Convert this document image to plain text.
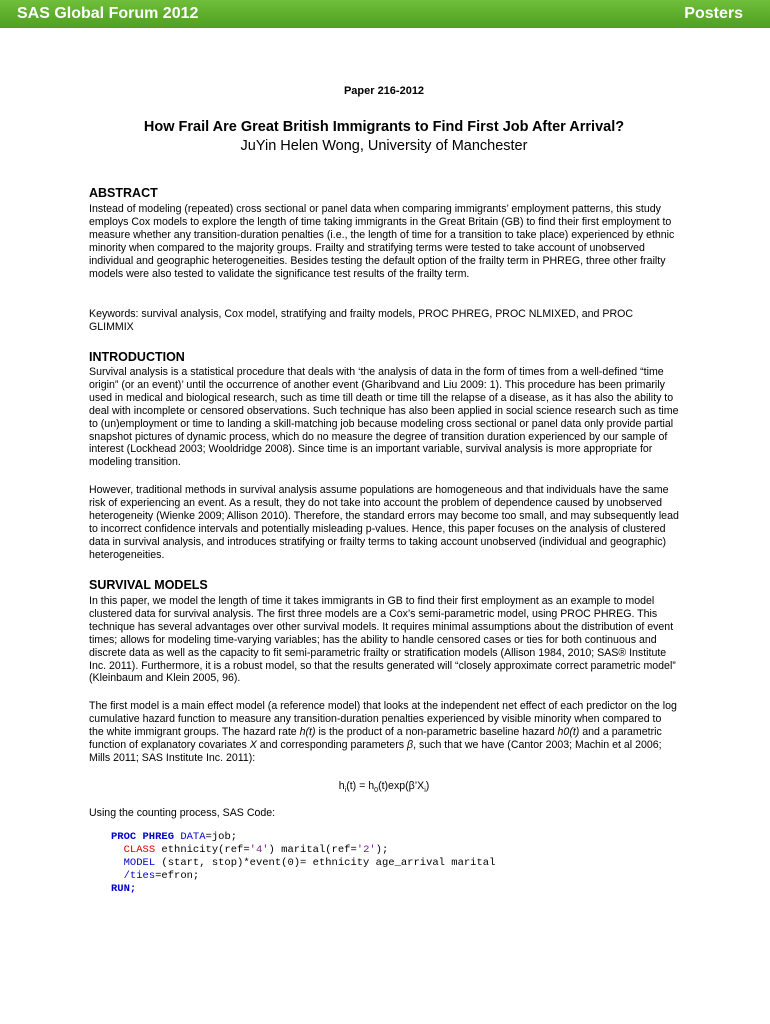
SAS Global Forum 2012	Posters
Paper 216-2012
How Frail Are Great British Immigrants to Find First Job After Arrival?
JuYin Helen Wong, University of Manchester
ABSTRACT

Instead of modeling (repeated) cross sectional or panel data when comparing immigrants’ employment patterns, this study employs Cox models to explore the length of time taking immigrants in the Great Britain (GB) to find their first employment to measure whether any transition-duration penalties (i.e., the length of time for a transition to take place) experienced by ethnic minority when compared to the majority groups. Frailty and stratifying terms were tested to take account of unobserved individual and geographic heterogeneities. Besides testing the default option of the frailty term in PHREG, three other frailty models were also tested to validate the significance test results of the frailty term.

Keywords: survival analysis, Cox model, stratifying and frailty models, PROC PHREG, PROC NLMIXED, and PROC GLIMMIX

INTRODUCTION

Survival analysis is a statistical procedure that deals with ‘the analysis of data in the form of times from a well-defined “time origin” (or an event)’ until the occurrence of another event (Gharibvand and Liu 2009: 1). This procedure has been primarily used in medical and biological research, such as time till death or time till the relapse of a disease, as it has also the ability to deal with incomplete or censored observations. Such technique has also been applied in social science research such as time to (un)employment or time to landing a skill-matching job because modeling cross sectional or panel data only provide partial snapshot pictures of dynamic process, which do no measure the degree of transition duration experienced by our sample of interest (Lockhead 2003; Wooldridge 2008). Since time is an important variable, survival analysis is more appropriate for modeling transition.

However, traditional methods in survival analysis assume populations are homogeneous and that individuals have the same risk of experiencing an event. As a result, they do not take into account the problem of dependence caused by unobserved heterogeneity (Wienke 2009; Allison 2010). Therefore, the standard errors may become too small, and may subsequently lead to incorrect confidence intervals and potentially misleading p-values. Hence, this paper focuses on the analysis of clustered data in survival analysis, and introduces stratifying or frailty terms to taking account unobserved (individual and geographic) heterogeneities.

SURVIVAL MODELS

In this paper, we model the length of time it takes immigrants in GB to find their first employment as an example to model clustered data for survival analysis. The first three models are a Cox’s semi-parametric model, using PROC PHREG. This technique has several advantages over other survival models. It requires minimal assumptions about the distribution of event times; allows for modeling time-varying variables; has the ability to handle censored cases or ties for both continuous and discrete data as well as the capacity to fit semi-parametric frailty or stratification models (Allison 1984, 2010; SAS® Institute Inc. 2011). Furthermore, it is a robust model, so that the results generated will “closely approximate correct parametric model” (Kleinbaum and Klein 2005, 96).

The first model is a main effect model (a reference model) that looks at the independent net effect of each predictor on the log cumulative hazard function to measure any transition-duration penalties experienced by visible minority when compared to the white immigrant groups. The hazard rate h(t) is the product of a non-parametric baseline hazard h0(t) and a parametric function of explanatory covariates X and corresponding parameters β, such that we have (Cantor 2003; Machin et al 2006; Mills 2011; SAS Institute Inc. 2011):

$h_i(t)$ = $h_0(t)\exp(\beta’X_i)$

Using the counting process, SAS Code:

PROC PHREG DATA=job;
CLASS ethnicity(ref='4') marital(ref='2');
MODEL (start, stop)*event(0)= ethnicity age_arrival marital
/ties=efron;
RUN;
